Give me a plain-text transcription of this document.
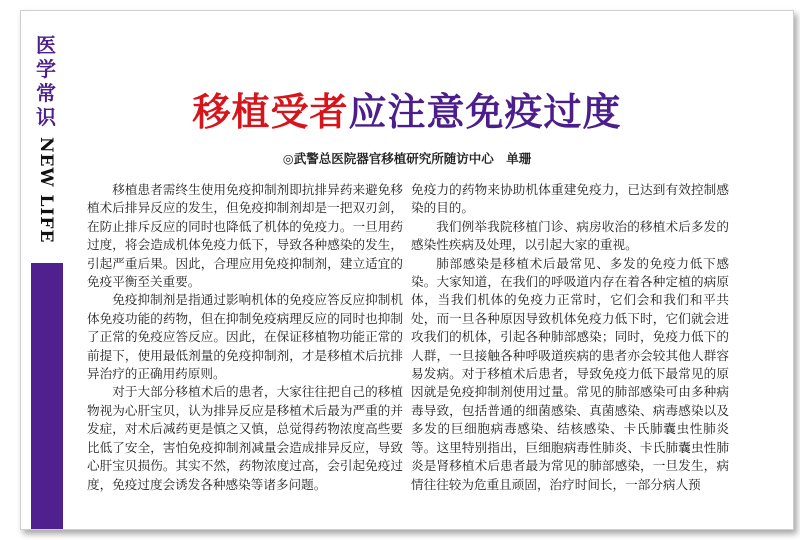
医
学
常
识
NEW LIFE
移植受者应注意免疫过度
◎武警总医院器官移植研究所随访中心　单珊

移植患者需终生使用免疫抑制剂即抗排异药来避免移植术后排异反应的发生，但免疫抑制剂却是一把双刃剑，在防止排斥反应的同时也降低了机体的免疫力。一旦用药过度，将会造成机体免疫力低下，导致各种感染的发生，引起严重后果。因此，合理应用免疫抑制剂，建立适宜的免疫平衡至关重要。

免疫抑制剂是指通过影响机体的免疫应答反应抑制机体免疫功能的药物，但在抑制免疫病理反应的同时也抑制了正常的免疫应答反应。因此，在保证移植物功能正常的前提下，使用最低剂量的免疫抑制剂，才是移植术后抗排异治疗的正确用药原则。

对于大部分移植术后的患者，大家往往把自己的移植物视为心肝宝贝，认为排异反应是移植术后最为严重的并发症，对术后减药更是慎之又慎，总觉得药物浓度高些要比低了安全，害怕免疫抑制剂减量会造成排异反应，导致心肝宝贝损伤。其实不然，药物浓度过高，会引起免疫过度，免疫过度会诱发各种感染等诸多问题。

免疫力的药物来协助机体重建免疫力，已达到有效控制感染的目的。

我们例举我院移植门诊、病房收治的移植术后多发的感染性疾病及处理，以引起大家的重视。

肺部感染是移植术后最常见、多发的免疫力低下感染。大家知道，在我们的呼吸道内存在着各种定植的病原体，当我们机体的免疫力正常时，它们会和我们和平共处，而一旦各种原因导致机体免疫力低下时，它们就会进攻我们的机体，引起各种肺部感染；同时，免疫力低下的人群，一旦接触各种呼吸道疾病的患者亦会较其他人群容易发病。对于移植术后患者，导致免疫力低下最常见的原因就是免疫抑制剂使用过量。常见的肺部感染可由多种病毒导致，包括普通的细菌感染、真菌感染、病毒感染以及多发的巨细胞病毒感染、结核感染、卡氏肺囊虫性肺炎等。这里特别指出，巨细胞病毒性肺炎、卡氏肺囊虫性肺炎是肾移植术后患者最为常见的肺部感染，一旦发生，病情往往较为危重且顽固，治疗时间长，一部分病人预
